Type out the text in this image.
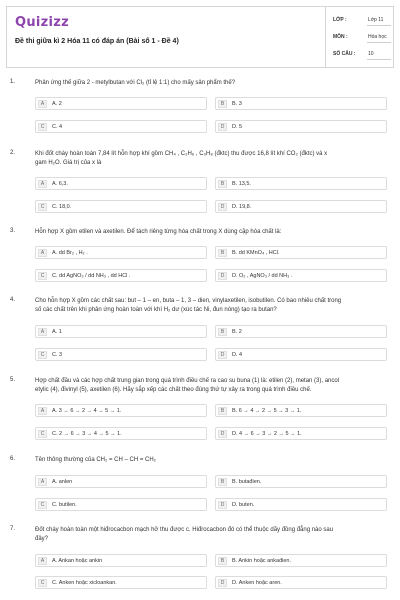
Quizizz
Đề thi giữa kì 2 Hóa 11 có đáp án (Bài số 1 - Đề 4)
LỚP :	Lớp 11
MÔN :	Hóa học
SỐ CÂU :	10
1.	Phản ứng thế giữa 2 - metylbutan với Cl₂ (tỉ lệ 1:1) cho mấy sản phẩm thế?
A	A. 2	B	B. 3
C	C. 4	D	D. 5
2.	Khi đốt cháy hoàn toàn 7,84 lít hỗn hợp khí gồm CH₄ , C₂H₆ , C₃H₈ (đktc) thu được 16,8 lít khí CO₂ (đktc) và x
gam H₂O. Giá trị của x là
A	A. 6,3.	B	B. 13,5.
C	C. 18,0.	D	D. 19,8.
3.	Hỗn hợp X gồm etilen và axetilen. Để tách riêng từng hóa chất trong X dùng cặp hóa chất là:
A	A. dd Br₂ , H₂ .	B	B. dd KMnO₄ , HCl.
C	C. dd AgNO₃ / dd NH₃ , dd HCl .	D	D. O₂ , AgNO₃ / dd NH₃ .
4.	Cho hỗn hợp X gồm các chất sau: but – 1 – en, buta – 1, 3 – dien, vinylaxetilen, isobutilen. Có bao nhiêu chất trong
số các chất trên khi phản ứng hoàn toàn với khí H₂ dư (xúc tác Ni, đun nóng) tạo ra butan?
A	A. 1	B	B. 2
C	C. 3	D	D. 4
5.	Hợp chất đầu và các hợp chất trung gian trong quá trình điều chế ra cao su buna (1) là: etilen (2), metan (3), ancol
etylic (4), đivinyl (5), axetilen (6). Hãy sắp xếp các chất theo đúng thứ tự xảy ra trong quá trình điều chế.
A	A. 3 → 6 → 2 → 4 → 5 → 1.	B	B. 6 → 4 → 2 → 5 → 3 → 1.
C	C. 2 → 6 → 3 → 4 → 5 → 1.	D	D. 4 → 6 → 3 → 2 → 5 → 1.
6.	Tên thông thường của CH₂ = CH – CH = CH₂
A	A. anlen	B	B. butađien.
C	C. butilen.	D	D. buten.
7.	Đốt cháy hoàn toàn một hiđrocacbon mạch hở thu được c. Hiđrocacbon đó có thể thuộc dãy đồng đẳng nào sau
đây?
A	A. Ankan hoặc ankin	B	B. Ankin hoặc ankađien.
C	C. Anken hoặc xicloankan.	D	D. Anken hoặc aren.
